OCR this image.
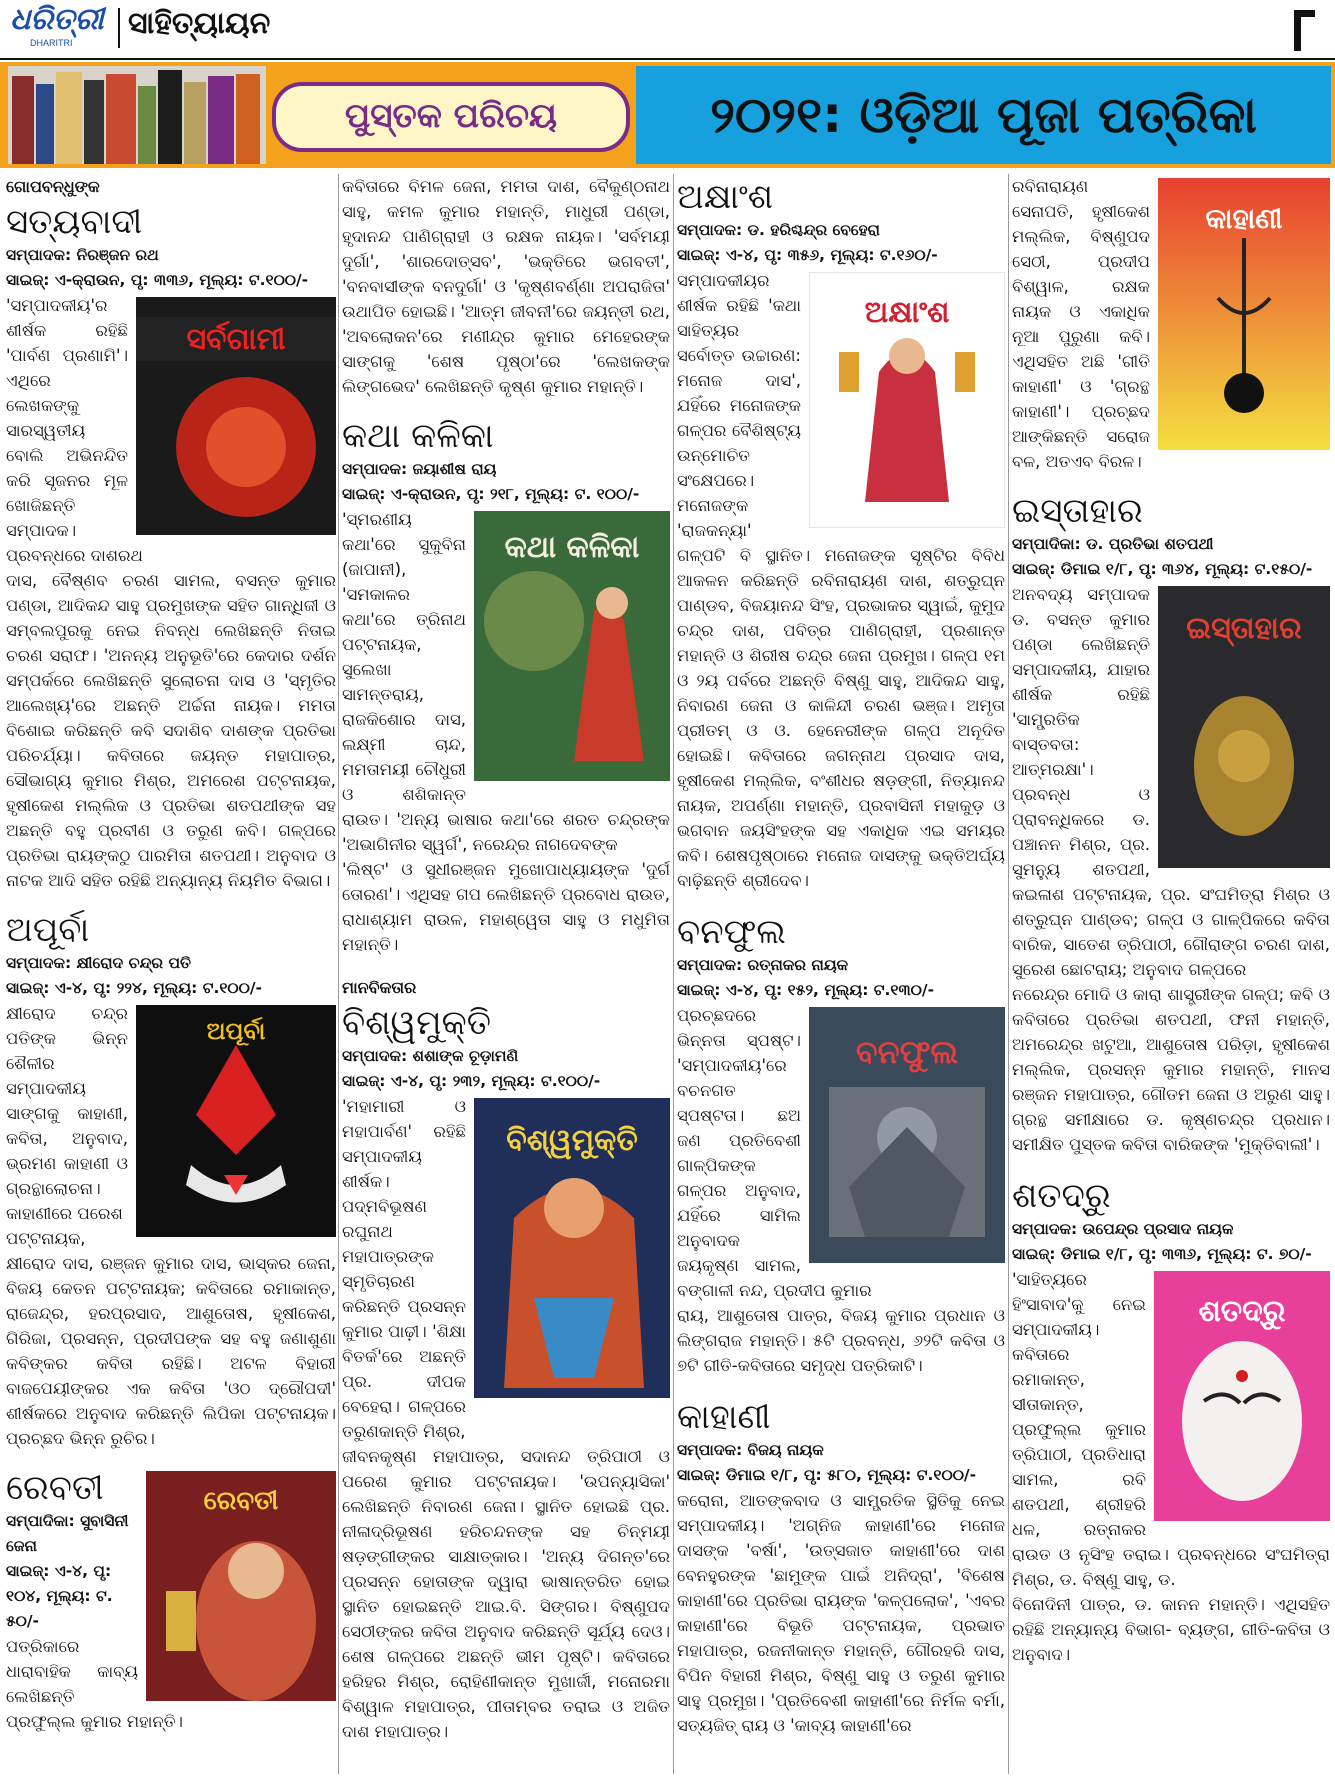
ଧରିତ୍ରୀ
DHARITRI
ସାହିତ୍ୟାୟନ
ପୁସ୍ତକ ପରିଚୟ	୨୦୨୧: ଓଡ଼ିଆ ପୂଜା ପତ୍ରିକା

ଗୋପବନ୍ଧୁଙ୍କ

ସତ୍ୟବାଦୀ

ସମ୍ପାଦକ: ନିରଞ୍ଜନ ରଥ

ସାଇଜ୍: ଏ-କ୍ରାଉନ, ପୃ: ୩୩୬, ମୂଲ୍ୟ: ଟ.୧୦୦/-

ସର୍ବଗାମୀ

'ସମ୍ପାଦକୀୟ'ର ଶୀର୍ଷକ ରହିଛି 'ପାର୍ବଣ ପ୍ରଣାମି'। ଏଥିରେ ଲେଖକଙ୍କୁ ସାରସ୍ୱତୀୟ ବୋଲି ଅଭିନନ୍ଦିତ କରି ସୃଜନର ମୂଳ ଖୋଜିଛନ୍ତି ସମ୍ପାଦକ। ପ୍ରବନ୍ଧରେ ଦାଶରଥ

ଦାସ, ବୈଷ୍ଣବ ଚରଣ ସାମଲ, ବସନ୍ତ କୁମାର ପଣ୍ଡା, ଆଦିକନ୍ଦ ସାହୁ ପ୍ରମୁଖଙ୍କ ସହିତ ଗାନ୍ଧିଜୀ ଓ ସମ୍ବଲପୁରକୁ ନେଇ ନିବନ୍ଧ ଲେଖିଛନ୍ତି ନିତାଇ ଚରଣ ସରାଫ। 'ଅନନ୍ୟ ଅନୁଭୂତି'ରେ କେଦାର ଦର୍ଶନ ସମ୍ପର୍କରେ ଲେଖିଛନ୍ତି ସୁଲୋଚନା ଦାସ ଓ 'ସ୍ମୃତିର ଆଲେଖ୍ୟ'ରେ ଅଛନ୍ତି ଅର୍ଚ୍ଚନା ନାୟକ। ମମତା ବିଶୋଇ କରିଛନ୍ତି କବି ସଦାଶିବ ଦାଶଙ୍କ ପ୍ରତିଭା ପରିଚର୍ଯ୍ୟା। କବିତାରେ ଜୟନ୍ତ ମହାପାତ୍ର, ସୌଭାଗ୍ୟ କୁମାର ମିଶ୍ର, ଅମରେଶ ପଟ୍ଟନାୟକ, ହୃଷୀକେଶ ମଲ୍ଲିକ ଓ ପ୍ରତିଭା ଶତପଥୀଙ୍କ ସହ ଅଛନ୍ତି ବହୁ ପ୍ରବୀଣ ଓ ତରୁଣ କବି। ଗଳ୍ପରେ ପ୍ରତିଭା ରାୟଙ୍କଠୁ ପାରମିତା ଶତପଥୀ। ଅନୁବାଦ ଓ ନାଟକ ଆଦି ସହିତ ରହିଛି ଅନ୍ୟାନ୍ୟ ନିୟମିତ ବିଭାଗ।

ଅପୂର୍ବା

ସମ୍ପାଦକ: କ୍ଷୀରୋଦ ଚନ୍ଦ୍ର ପତି

ସାଇଜ୍: ଏ-୪, ପୃ: ୨୨୪, ମୂଲ୍ୟ: ଟ.୧୦୦/-

ଅପୂର୍ବା

କ୍ଷୀରୋଦ ଚନ୍ଦ୍ର ପତିଙ୍କ ଭିନ୍ନ ଶୈଳୀର ସମ୍ପାଦକୀୟ ସାଙ୍ଗକୁ କାହାଣୀ, କବିତା, ଅନୁବାଦ, ଭ୍ରମଣ କାହାଣୀ ଓ ଗ୍ରନ୍ଥାଲୋଚନା। କାହାଣୀରେ ପରେଶ

ପଟ୍ଟନାୟକ, କ୍ଷୀରୋଦ ଦାସ, ରଞ୍ଜନ କୁମାର ଦାସ, ଭାସ୍କର ଜେନା, ବିଜୟ କେତନ ପଟ୍ଟନାୟକ; କବିତାରେ ରମାକାନ୍ତ, ରାଜେନ୍ଦ୍ର, ହରପ୍ରସାଦ, ଆଶୁତୋଷ, ହୃଷୀକେଶ, ଗିରିଜା, ପ୍ରସନ୍ନ, ପ୍ରଦୀପଙ୍କ ସହ ବହୁ ଜଣାଶୁଣା କବିଙ୍କର କବିତା ରହିଛି। ଅଟଳ ବିହାରୀ ବାଜପେୟୀଙ୍କର ଏକ କବିତା 'ଓଠ ଦ୍ରୌପଦୀ' ଶୀର୍ଷକରେ ଅନୁବାଦ କରିଛନ୍ତି ଲିପିକା ପଟ୍ଟନାୟକ। ପ୍ରଚ୍ଛଦ ଭିନ୍ନ ରୁଚିର।

ରେବତୀ
ରେବତୀ

ସମ୍ପାଦିକା: ସୁବାସିନୀ ଜେନା

ସାଇଜ୍: ଏ-୪, ପୃ: ୧୦୪, ମୂଲ୍ୟ: ଟ. ୫୦/-

ପତ୍ରିକାରେ ଧାରାବାହିକ କାବ୍ୟ ଲେଖିଛନ୍ତି ପ୍ରଫୁଲ୍ଲ କୁମାର ମହାନ୍ତି।

କବିତାରେ ବିମଳ ଜେନା, ମମତା ଦାଶ, ବୈକୁଣ୍ଠନାଥ ସାହୁ, କମଳ କୁମାର ମହାନ୍ତି, ମାଧୁରୀ ପଣ୍ଡା, ହୃଦାନନ୍ଦ ପାଣିଗ୍ରାହୀ ଓ ରକ୍ଷକ ନାୟକ। 'ସର୍ବମୟୀ ଦୁର୍ଗା', 'ଶାରଦୋତ୍ସବ', 'ଭକ୍ତିରେ ଭଗବତୀ', 'ବନବାସୀଙ୍କ ବନଦୁର୍ଗା' ଓ 'କୃଷ୍ଣବର୍ଣ୍ଣା ଅପରାଜିତା' ଉଥାପିତ ହୋଇଛି। 'ଆତ୍ମ ଜୀବନୀ'ରେ ଜୟନ୍ତୀ ରଥ, 'ଅବଲୋକନ'ରେ ମଣୀନ୍ଦ୍ର କୁମାର ମେହେରଙ୍କ ସାଙ୍ଗକୁ 'ଶେଷ ପୃଷ୍ଠା'ରେ 'ଲେଖକଙ୍କ ଲିଙ୍ଗଭେଦ' ଲେଖିଛନ୍ତି କୃଷ୍ଣ କୁମାର ମହାନ୍ତି।

କଥା କଳିକା

ସମ୍ପାଦକ: ଜୟାଶୀଷ ରାୟ

ସାଇଜ୍: ଏ-କ୍ରାଉନ, ପୃ: ୨୧୮, ମୂଲ୍ୟ: ଟ. ୧୦୦/-

କଥା କଳିକା

'ସ୍ମରଣୀୟ କଥା'ରେ ସୁକୁବିନା (ଜାପାନୀ), 'ସମକାଳର କଥା'ରେ ତ୍ରିନାଥ ପଟ୍ଟନାୟକ, ସୁଲେଖା ସାମନ୍ତରାୟ, ରାଜକିଶୋର ଦାସ, ଲକ୍ଷ୍ମୀ ଚାନ୍ଦ, ମମତାମୟୀ ଚୌଧୁରୀ ଓ ଶଶିକାନ୍ତ ରାଉତ। 'ଅନ୍ୟ ଭାଷାର କଥା'ରେ ଶରତ ଚନ୍ଦ୍ରଙ୍କ 'ଅଭାଗିନୀର ସ୍ୱର୍ଗ', ନରେନ୍ଦ୍ର ନାଗଦେବଙ୍କ

'ଲିଷ୍ଟ' ଓ ସୁଧୀରଞ୍ଜନ ମୁଖୋପାଧ୍ୟାୟଙ୍କ 'ଦୁର୍ଗ ତୋରଣ'। ଏଥିସହ ଗପ ଲେଖିଛନ୍ତି ପ୍ରବୋଧ ରାଉତ, ରାଧାଶ୍ୟାମ ରାଉଳ, ମହାଶ୍ୱେତା ସାହୁ ଓ ମଧୁମିତା ମହାନ୍ତି।

ମାନବିକତାର

ବିଶ୍ୱମୁକ୍ତି

ସମ୍ପାଦକ: ଶଶାଙ୍କ ଚୂଡ଼ାମଣି

ସାଇଜ୍: ଏ-୪, ପୃ: ୨୩୨, ମୂଲ୍ୟ: ଟ.୧୦୦/-

ବିଶ୍ୱମୁକ୍ତି

'ମହାମାରୀ ଓ ମହାପାର୍ବଣ' ରହିଛି ସମ୍ପାଦକୀୟ ଶୀର୍ଷକ। ପଦ୍ମବିଭୂଷଣ ରଘୁନାଥ ମହାପାତ୍ରଙ୍କ ସ୍ମୃତିଚାରଣ କରିଛନ୍ତି ପ୍ରସନ୍ନ କୁମାର ପାଢ଼ୀ। 'ଶିକ୍ଷା ବିତର୍କ'ରେ ଅଛନ୍ତି ପ୍ର. ଦୀପକ ବେହେରା। ଗଳ୍ପରେ ତରୁଣକାନ୍ତି ମିଶ୍ର,

ଜୀବନକୃଷ୍ଣ ମହାପାତ୍ର, ସଦାନନ୍ଦ ତ୍ରିପାଠୀ ଓ ପରେଶ କୁମାର ପଟ୍ଟନାୟକ। 'ଉପନ୍ୟାସିକା' ଲେଖିଛନ୍ତି ନିବାରଣ ଜେନା। ସ୍ଥାନିତ ହୋଇଛି ପ୍ର. ନୀଳାଦ୍ରିଭୂଷଣ ହରିଚନ୍ଦନଙ୍କ ସହ ଚିନ୍ମୟୀ ଷଡ଼ଙ୍ଗୀଙ୍କର ସାକ୍ଷାତ୍କାର। 'ଅନ୍ୟ ଦିଗନ୍ତ'ରେ ପ୍ରସନ୍ନ ହୋତାଙ୍କ ଦ୍ୱାରା ଭାଷାନ୍ତରିତ ହୋଇ ସ୍ଥାନିତ ହୋଇଛନ୍ତି ଆଇ.ବି. ସିଙ୍ଗର। ବିଷ୍ଣୁପଦ ସେଠୀଙ୍କର କବିତା ଅନୁବାଦ କରିଛନ୍ତି ସୂର୍ଯ୍ୟ ଦେଓ। ଶେଷ ଗଳ୍ପରେ ଅଛନ୍ତି ଭୀମ ପୃଷ୍ଟି। କବିତାରେ ହରିହର ମିଶ୍ର, ରୋହିଣୀକାନ୍ତ ମୁଖାର୍ଜୀ, ମନୋରମା ବିଶ୍ୱାଳ ମହାପାତ୍ର, ପୀତାମ୍ବର ତରାଇ ଓ ଅଜିତ ଦାଶ ମହାପାତ୍ର।

ଅକ୍ଷାଂଶ

ସମ୍ପାଦକ: ଡ. ହରିଶ୍ଚନ୍ଦ୍ର ବେହେରା

ସାଇଜ୍: ଏ-୪, ପୃ: ୩୫୬, ମୂଲ୍ୟ: ଟ.୧୬୦/-

ଅକ୍ଷାଂଶ

ସମ୍ପାଦକୀୟର ଶୀର୍ଷକ ରହିଛି 'କଥା ସାହିତ୍ୟର ସର୍ବୋତ୍ତ ଉଚ୍ଚାରଣ: ମନୋଜ ଦାସ', ଯହିଁରେ ମନୋଜଙ୍କ ଗଳ୍ପର ବୈଶିଷ୍ଟ୍ୟ ଉନ୍ମୋଚିତ ସଂକ୍ଷେପରେ। ମନୋଜଙ୍କ

'ରାଜକନ୍ୟା' ଗଳ୍ପଟି ବି ସ୍ଥାନିତ। ମନୋଜଙ୍କ ସୃଷ୍ଟିର ବିବିଧ ଆକଳନ କରିଛନ୍ତି ରବିନାରାୟଣ ଦାଶ, ଶତ୍ରୁଘ୍ନ ପାଣ୍ଡବ, ବିଜୟାନନ୍ଦ ସିଂହ, ପ୍ରଭାକର ସ୍ୱାଇଁ, କୁମୁଦ ଚନ୍ଦ୍ର ଦାଶ, ପବିତ୍ର ପାଣିଗ୍ରାହୀ, ପ୍ରଶାନ୍ତ ମହାନ୍ତି ଓ ଶିରୀଷ ଚନ୍ଦ୍ର ଜେନା ପ୍ରମୁଖ। ଗଳ୍ପ ୧ମ ଓ ୨ୟ ପର୍ବରେ ଅଛନ୍ତି ବିଷ୍ଣୁ ସାହୁ, ଆଦିକନ୍ଦ ସାହୁ, ନିବାରଣ ଜେନା ଓ କାଳିନ୍ଦୀ ଚରଣ ଭଞ୍ଜ। ଅମୃତା ପ୍ରୀତମ୍ ଓ ଓ. ହେନେରୀଙ୍କ ଗଳ୍ପ ଅନୂଦିତ ହୋଇଛି। କବିତାରେ ଜଗନ୍ନାଥ ପ୍ରସାଦ ଦାସ, ହୃଷୀକେଶ ମଲ୍ଲିକ, ବଂଶୀଧର ଷଡ଼ଙ୍ଗୀ, ନିତ୍ୟାନନ୍ଦ ନାୟକ, ଅପର୍ଣ୍ଣା ମହାନ୍ତି, ପ୍ରବାସିନୀ ମହାକୁଡ଼ ଓ ଭଗବାନ ଜୟସିଂହଙ୍କ ସହ ଏକାଧିକ ଏଇ ସମୟର କବି। ଶେଷପୃଷ୍ଠାରେ ମନୋଜ ଦାସଙ୍କୁ ଭକ୍ତିଅର୍ଘ୍ୟ ବାଢ଼ିଛନ୍ତି ଶ୍ରୀଦେବ।

ବନଫୁଲ

ସମ୍ପାଦକ: ରତ୍ନାକର ନାୟକ

ସାଇଜ୍: ଏ-୪, ପୃ: ୧୫୨, ମୂଲ୍ୟ: ଟ.୧୩୦/-

ବନଫୁଲ

ପ୍ରଚ୍ଛଦରେ ଭିନ୍ନତା ସ୍ପଷ୍ଟ। 'ସମ୍ପାଦକୀୟ'ରେ ବଚନଗତ ସ୍ପଷ୍ଟତା। ଛଅ ଜଣ ପ୍ରତିବେଶୀ ଗାଳ୍ପିକଙ୍କ ଗଳ୍ପର ଅନୁବାଦ, ଯହିଁରେ ସାମିଲ ଅନୁବାଦକ ଜୟକୃଷ୍ଣ ସାମଲ, ବଙ୍ଗାଳୀ ନନ୍ଦ, ପ୍ରଦୀପ କୁମାର

ରାୟ, ଆଶୁତୋଷ ପାତ୍ର, ବିଜୟ କୁମାର ପ୍ରଧାନ ଓ ଲିଙ୍ଗରାଜ ମହାନ୍ତି। ୫ଟି ପ୍ରବନ୍ଧ, ୬୨ଟି କବିତା ଓ ୭ଟି ଗୀତି-କବିତାରେ ସମୃଦ୍ଧ ପତ୍ରିକାଟି।

କାହାଣୀ

ସମ୍ପାଦକ: ବିଜୟ ନାୟକ

ସାଇଜ୍: ଡିମାଇ ୧/୮, ପୃ: ୫୮୦, ମୂଲ୍ୟ: ଟ.୧୦୦/-

କରୋନା, ଆତଙ୍କବାଦ ଓ ସାମ୍ପ୍ରତିକ ସ୍ଥିତିକୁ ନେଇ ସମ୍ପାଦକୀୟ। 'ଅଗ୍ନିଜ କାହାଣୀ'ରେ ମନୋଜ ଦାସଙ୍କ 'ବର୍ଷା', 'ଉତ୍ସଜାତ କାହାଣୀ'ରେ ଦାଶ ବେନହୁରଙ୍କ 'ଛାମୁଙ୍କ ପାଇଁ ଅନିଦ୍ରା', 'ବିଶେଷ କାହାଣୀ'ରେ ପ୍ରତିଭା ରାୟଙ୍କ 'କଳ୍ପଲୋକ', 'ଏବର କାହାଣୀ'ରେ ବିଭୂତି ପଟ୍ଟନାୟକ, ପ୍ରଭାତ ମହାପାତ୍ର, ରଜନୀକାନ୍ତ ମହାନ୍ତି, ଗୌରହରି ଦାସ, ବିପିନ ବିହାରୀ ମିଶ୍ର, ବିଷ୍ଣୁ ସାହୁ ଓ ତରୁଣ କୁମାର ସାହୁ ପ୍ରମୁଖ। 'ପ୍ରତିବେଶୀ କାହାଣୀ'ରେ ନିର୍ମଳ ବର୍ମା, ସତ୍ୟଜିତ୍ ରାୟ ଓ 'କାବ୍ୟ କାହାଣୀ'ରେ

କାହାଣୀ

ରବିନାରାୟଣ ସେନାପତି, ହୃଷୀକେଶ ମଲ୍ଲିକ, ବିଷ୍ଣୁପଦ ସେଠୀ, ପ୍ରଦୀପ ବିଶ୍ୱାଳ, ରକ୍ଷକ ନାୟକ ଓ ଏକାଧିକ ନୂଆ ପୁରୁଣା କବି। ଏଥିସହିତ ଅଛି 'ଗୀତି କାହାଣୀ' ଓ 'ଗ୍ରନ୍ଥ କାହାଣୀ'। ପ୍ରଚ୍ଛଦ ଆଙ୍କିଛନ୍ତି ସରୋଜ ବଳ, ଅତଏବ ବିରଳ।

ଇସ୍ତାହାର

ସମ୍ପାଦିକା: ଡ. ପ୍ରତିଭା ଶତପଥୀ

ସାଇଜ୍: ଡିମାଇ ୧/୮, ପୃ: ୩୬୪, ମୂଲ୍ୟ: ଟ.୧୫୦/-

ଇସ୍ତାହାର

ଅନବଦ୍ୟ ସମ୍ପାଦକ ଡ. ବସନ୍ତ କୁମାର ପଣ୍ଡା ଲେଖିଛନ୍ତି ସମ୍ପାଦକୀୟ, ଯାହାର ଶୀର୍ଷକ ରହିଛି 'ସାମ୍ପ୍ରତିକ ବାସ୍ତବତା: ଆତ୍ମରକ୍ଷା'। ପ୍ରବନ୍ଧ ଓ ପ୍ରାବନ୍ଧିକରେ ଡ. ପଞ୍ଚାନନ ମିଶ୍ର, ପ୍ର. ସୁମନ୍ୟୁ ଶତପଥୀ, କଇଳାଶ ପଟ୍ଟନାୟକ, ପ୍ର. ସଂଘମିତ୍ରା ମିଶ୍ର ଓ ଶତ୍ରୁଘ୍ନ ପାଣ୍ଡବ; ଗଳ୍ପ ଓ ଗାଳ୍ପିକରେ କବିତା ବାରିକ, ସାତେଶ ତ୍ରିପାଠୀ, ଗୌରାଙ୍ଗ ଚରଣ ଦାଶ, ସୁରେଶ ଛୋଟରାୟ; ଅନୁବାଦ ଗଳ୍ପରେ

ନରେନ୍ଦ୍ର ମୋଦି ଓ କାରା ଶାସ୍ତ୍ରୀଙ୍କ ଗଳ୍ପ; କବି ଓ କବିତାରେ ପ୍ରତିଭା ଶତପଥୀ, ଫନୀ ମହାନ୍ତି, ଅମରେନ୍ଦ୍ର ଖଟୁଆ, ଆଶୁତୋଷ ପରିଡ଼ା, ହୃଷୀକେଶ ମଲ୍ଲିକ, ପ୍ରସନ୍ନ କୁମାର ମହାନ୍ତି, ମାନସ ରଞ୍ଜନ ମହାପାତ୍ର, ଗୌତମ ଜେନା ଓ ଅରୁଣ ସାହୁ। ଗ୍ରନ୍ଥ ସମୀକ୍ଷାରେ ଡ. କୃଷ୍ଣଚନ୍ଦ୍ର ପ୍ରଧାନ। ସମୀକ୍ଷିତ ପୁସ୍ତକ କବିତା ବାରିକଙ୍କ 'ମୁକ୍ତିବାଲୀ'।

ଶତଦ୍ରୁ

ସମ୍ପାଦକ: ଉପେନ୍ଦ୍ର ପ୍ରସାଦ ନାୟକ

ସାଇଜ୍: ଡିମାଇ ୧/୮, ପୃ: ୩୩୬, ମୂଲ୍ୟ: ଟ. ୭୦/-

ଶତଦ୍ରୁ

'ସାହିତ୍ୟରେ ହିଂସାବାଦ'କୁ ନେଇ ସମ୍ପାଦକୀୟ। କବିତାରେ ରମାକାନ୍ତ, ସୀତାକାନ୍ତ, ପ୍ରଫୁଲ୍ଲ କୁମାର ତ୍ରିପାଠୀ, ପ୍ରତିଧାରା ସାମଲ, ରବି ଶତପଥୀ, ଶ୍ରୀହରି ଧଳ, ରତ୍ନାକର ରାଉତ ଓ ନୃସିଂହ ତରାଇ। ପ୍ରବନ୍ଧରେ ସଂଘମିତ୍ରା ମିଶ୍ର, ଡ. ବିଷ୍ଣୁ ସାହୁ, ଡ.

ବିନୋଦିନୀ ପାତ୍ର, ଡ. କାନନ ମହାନ୍ତି। ଏଥିସହିତ ରହିଛି ଅନ୍ୟାନ୍ୟ ବିଭାଗ- ବ୍ୟଙ୍ଗ, ଗୀତି-କବିତା ଓ ଅନୁବାଦ।
